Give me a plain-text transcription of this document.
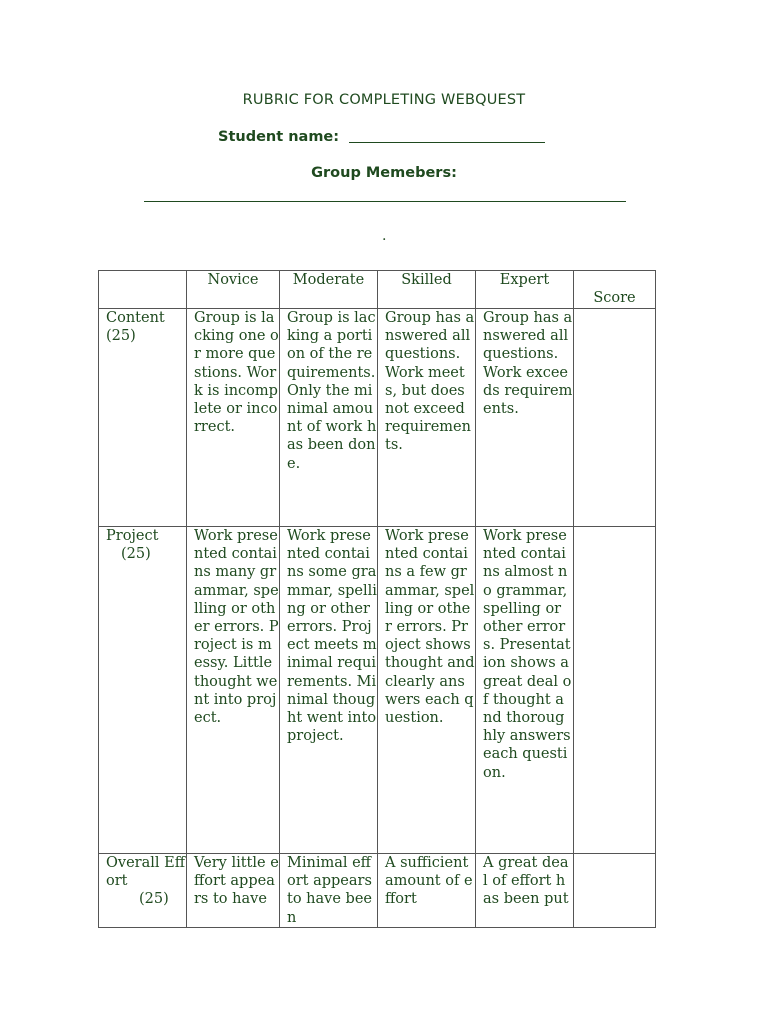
RUBRIC FOR COMPLETING WEBQUEST
Student name:
Group Memebers:
.
	Novice	Moderate	Skilled	Expert	Score

Content
(25)	Group is lacking one or more questions. Work is incomplete or incorrect.	Group is lacking a portion of the requirements. Only the minimal amount of work has been done.	Group has answered all questions. Work meets, but does not exceed requirements.	Group has answered all questions. Work exceeds requirements.	

Project
(25)	Work presented contains many grammar, spelling or other errors. Project is messy. Little thought went into project.	Work presented contains some grammar, spelling or other errors. Project meets minimal requirements. Minimal thought went into project.	Work presented contains a few grammar, spelling or other errors. Project shows thought and clearly answers each question.	Work presented contains almost no grammar, spelling or other errors. Presentation shows a great deal of thought and thoroughly answers each question.	

Overall Effort
(25)	Very little effort appears to have	Minimal effort appears to have been	A sufficient amount of effort	A great deal of effort has been put	
